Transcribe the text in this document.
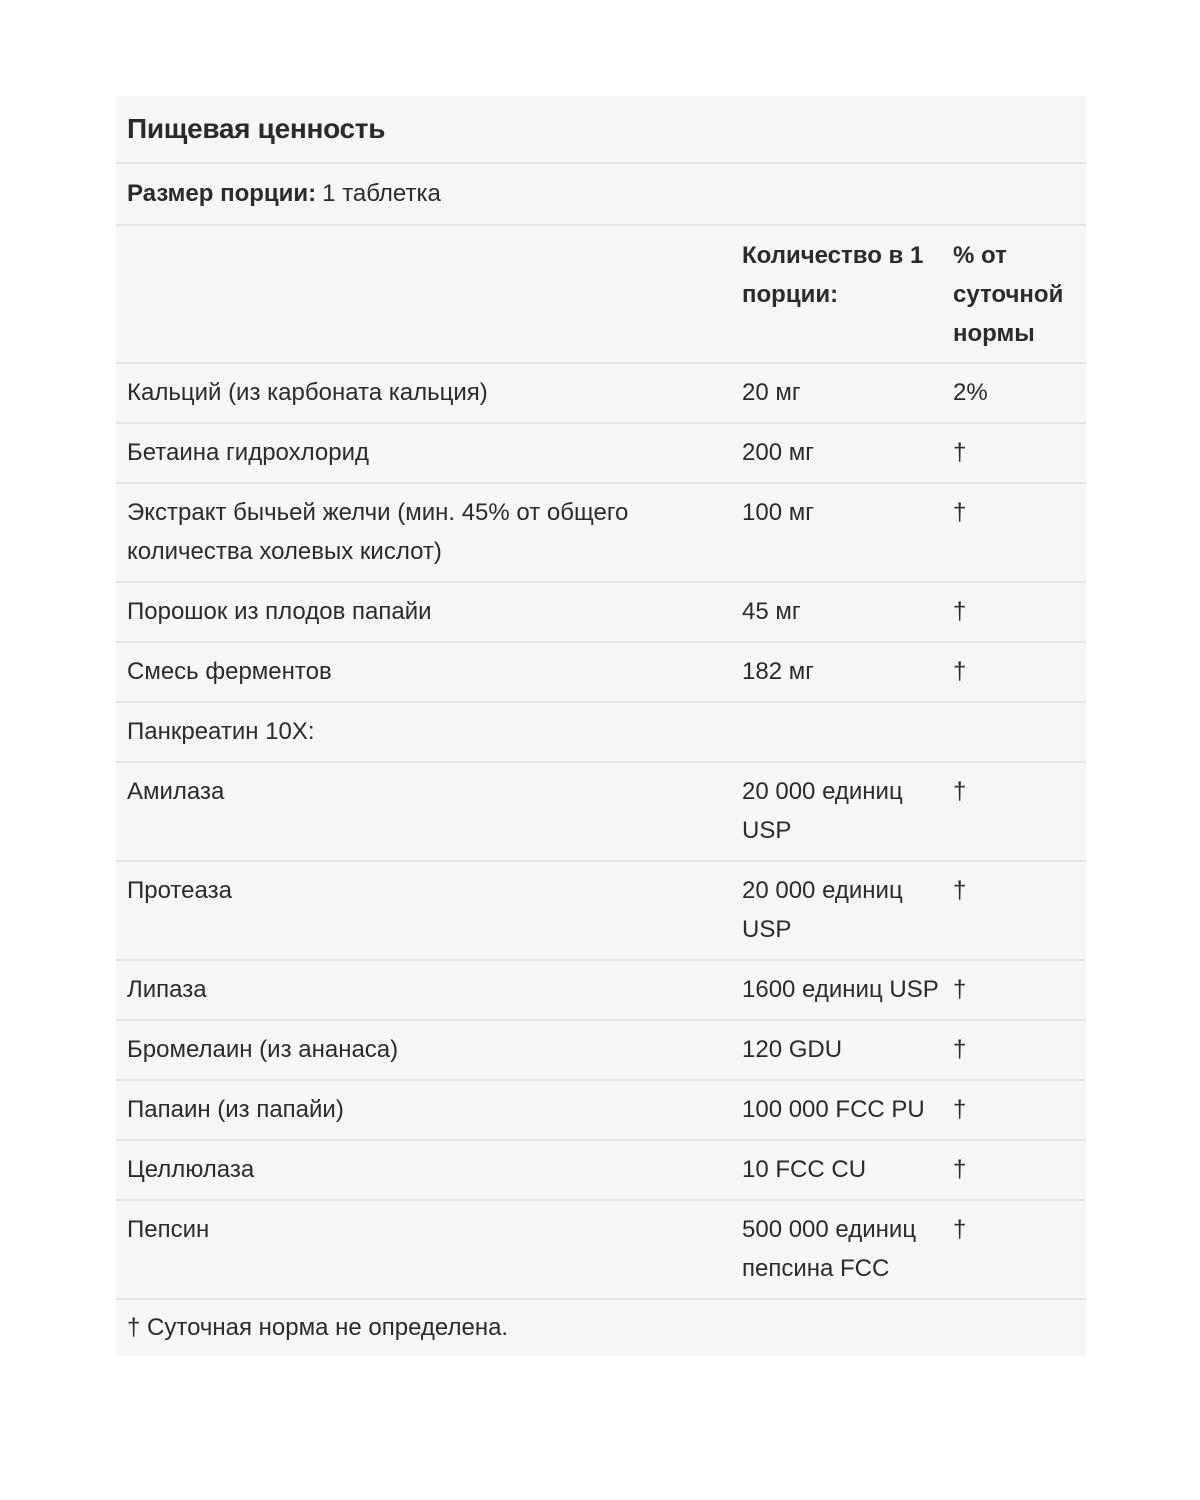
Пищевая ценность
Размер порции: 1 таблетка
	Количество в 1 порции:	% от суточной нормы
Кальций (из карбоната кальция)	20 мг	2%
Бетаина гидрохлорид	200 мг	†
Экстракт бычьей желчи (мин. 45% от общего количества холевых кислот)	100 мг	†
Порошок из плодов папайи	45 мг	†
Смесь ферментов	182 мг	†
Панкреатин 10X:		
Амилаза	20 000 единиц USP	†
Протеаза	20 000 единиц USP	†
Липаза	1600 единиц USP	†
Бромелаин (из ананаса)	120 GDU	†
Папаин (из папайи)	100 000 FCC PU	†
Целлюлаза	10 FCC CU	†
Пепсин	500 000 единиц пепсина FCC	†
† Суточная норма не определена.
